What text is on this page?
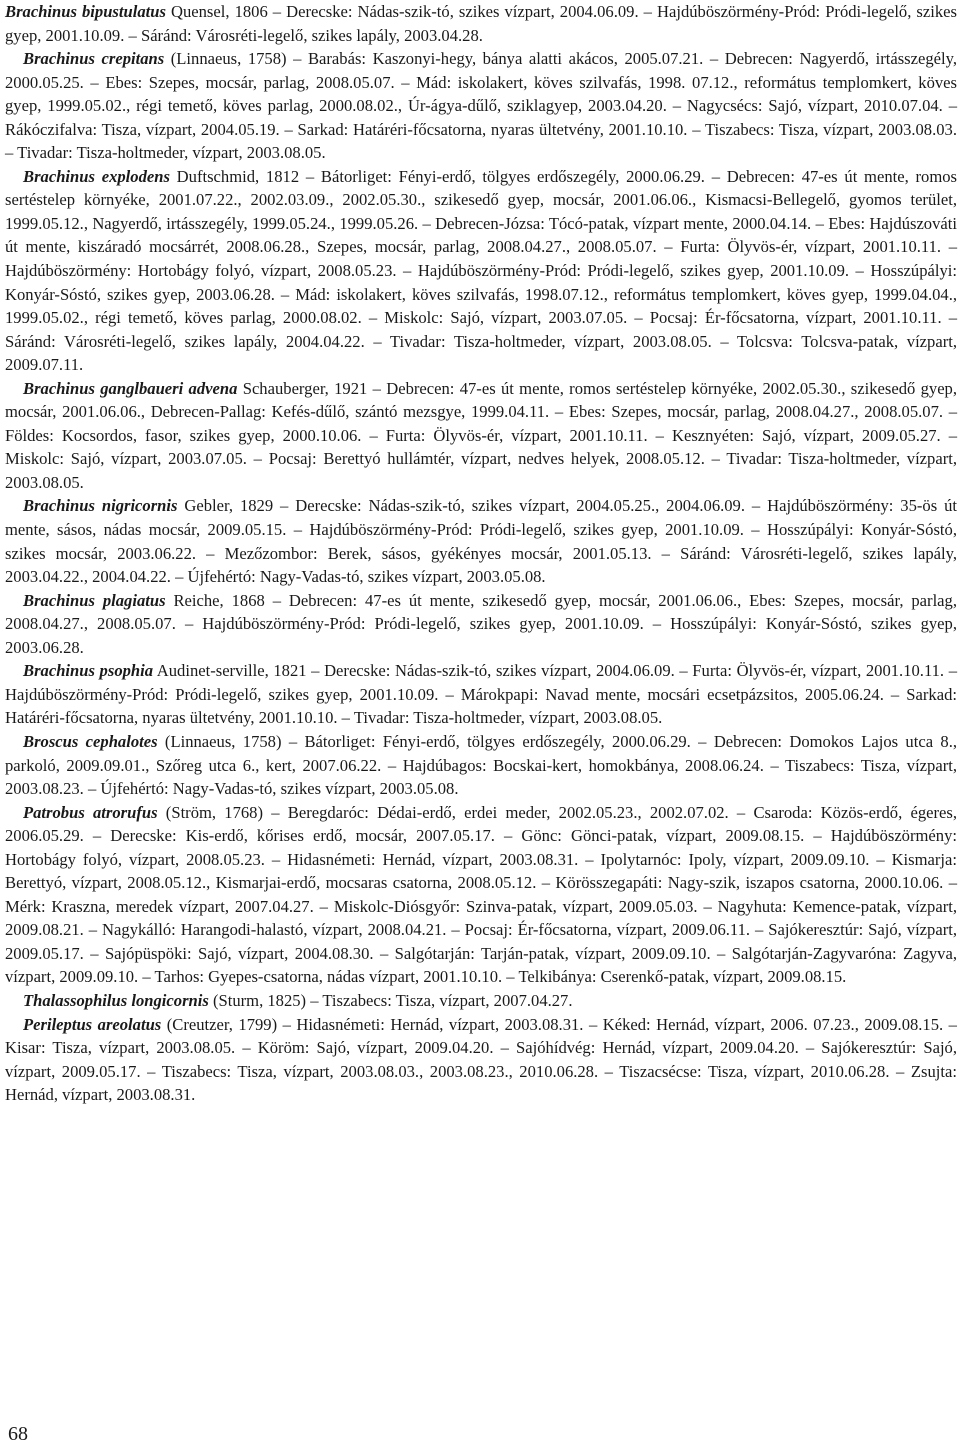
Brachinus bipustulatus Quensel, 1806 – Derecske: Nádas-szik-tó, szikes vízpart, 2004.06.09. – Hajdúböszörmény-Pród: Pródi-legelő, szikes gyep, 2001.10.09. – Sáránd: Városréti-legelő, szikes lapály, 2003.04.28.

Brachinus crepitans (Linnaeus, 1758) – Barabás: Kaszonyi-hegy, bánya alatti akácos, 2005.07.21. – Debrecen: Nagyerdő, irtásszegély, 2000.05.25. – Ebes: Szepes, mocsár, parlag, 2008.05.07. – Mád: iskolakert, köves szilvafás, 1998. 07.12., református templomkert, köves gyep, 1999.05.02., régi temető, köves parlag, 2000.08.02., Úr-ágya-dűlő, sziklagyep, 2003.04.20. – Nagycsécs: Sajó, vízpart, 2010.07.04. – Rákóczifalva: Tisza, vízpart, 2004.05.19. – Sarkad: Határéri-főcsatorna, nyaras ültetvény, 2001.10.10. – Tiszabecs: Tisza, vízpart, 2003.08.03. – Tivadar: Tisza-holtmeder, vízpart, 2003.08.05.

Brachinus explodens Duftschmid, 1812 – Bátorliget: Fényi-erdő, tölgyes erdőszegély, 2000.06.29. – Debrecen: 47-es út mente, romos sertéstelep környéke, 2001.07.22., 2002.03.09., 2002.05.30., szikesedő gyep, mocsár, 2001.06.06., Kismacsi-Bellegelő, gyomos terület, 1999.05.12., Nagyerdő, irtásszegély, 1999.05.24., 1999.05.26. – Debrecen-Józsa: Tócó-patak, vízpart mente, 2000.04.14. – Ebes: Hajdúszováti út mente, kiszáradó mocsárrét, 2008.06.28., Szepes, mocsár, parlag, 2008.04.27., 2008.05.07. – Furta: Ölyvös-ér, vízpart, 2001.10.11. – Hajdúböszörmény: Hortobágy folyó, vízpart, 2008.05.23. – Hajdúböszörmény-Pród: Pródi-legelő, szikes gyep, 2001.10.09. – Hosszúpályi: Konyár-Sóstó, szikes gyep, 2003.06.28. – Mád: iskolakert, köves szilvafás, 1998.07.12., református templomkert, köves gyep, 1999.04.04., 1999.05.02., régi temető, köves parlag, 2000.08.02. – Miskolc: Sajó, vízpart, 2003.07.05. – Pocsaj: Ér-főcsatorna, vízpart, 2001.10.11. – Sáránd: Városréti-legelő, szikes lapály, 2004.04.22. – Tivadar: Tisza-holtmeder, vízpart, 2003.08.05. – Tolcsva: Tolcsva-patak, vízpart, 2009.07.11.

Brachinus ganglbaueri advena Schauberger, 1921 – Debrecen: 47-es út mente, romos sertéstelep környéke, 2002.05.30., szikesedő gyep, mocsár, 2001.06.06., Debrecen-Pallag: Kefés-dűlő, szántó mezsgye, 1999.04.11. – Ebes: Szepes, mocsár, parlag, 2008.04.27., 2008.05.07. – Földes: Kocsordos, fasor, szikes gyep, 2000.10.06. – Furta: Ölyvös-ér, vízpart, 2001.10.11. – Kesznyéten: Sajó, vízpart, 2009.05.27. – Miskolc: Sajó, vízpart, 2003.07.05. – Pocsaj: Berettyó hullámtér, vízpart, nedves helyek, 2008.05.12. – Tivadar: Tisza-holtmeder, vízpart, 2003.08.05.

Brachinus nigricornis Gebler, 1829 – Derecske: Nádas-szik-tó, szikes vízpart, 2004.05.25., 2004.06.09. – Hajdúböszörmény: 35-ös út mente, sásos, nádas mocsár, 2009.05.15. – Hajdúböszörmény-Pród: Pródi-legelő, szikes gyep, 2001.10.09. – Hosszúpályi: Konyár-Sóstó, szikes mocsár, 2003.06.22. – Mezőzombor: Berek, sásos, gyékényes mocsár, 2001.05.13. – Sáránd: Városréti-legelő, szikes lapály, 2003.04.22., 2004.04.22. – Újfehértó: Nagy-Vadas-tó, szikes vízpart, 2003.05.08.

Brachinus plagiatus Reiche, 1868 – Debrecen: 47-es út mente, szikesedő gyep, mocsár, 2001.06.06., Ebes: Szepes, mocsár, parlag, 2008.04.27., 2008.05.07. – Hajdúböszörmény-Pród: Pródi-legelő, szikes gyep, 2001.10.09. – Hosszúpályi: Konyár-Sóstó, szikes gyep, 2003.06.28.

Brachinus psophia Audinet-serville, 1821 – Derecske: Nádas-szik-tó, szikes vízpart, 2004.06.09. – Furta: Ölyvös-ér, vízpart, 2001.10.11. – Hajdúböszörmény-Pród: Pródi-legelő, szikes gyep, 2001.10.09. – Márokpapi: Navad mente, mocsári ecsetpázsitos, 2005.06.24. – Sarkad: Határéri-főcsatorna, nyaras ültetvény, 2001.10.10. – Tivadar: Tisza-holtmeder, vízpart, 2003.08.05.

Broscus cephalotes (Linnaeus, 1758) – Bátorliget: Fényi-erdő, tölgyes erdőszegély, 2000.06.29. – Debrecen: Domokos Lajos utca 8., parkoló, 2009.09.01., Szőreg utca 6., kert, 2007.06.22. – Hajdúbagos: Bocskai-kert, homokbánya, 2008.06.24. – Tiszabecs: Tisza, vízpart, 2003.08.23. – Újfehértó: Nagy-Vadas-tó, szikes vízpart, 2003.05.08.

Patrobus atrorufus (Ström, 1768) – Beregdaróc: Dédai-erdő, erdei meder, 2002.05.23., 2002.07.02. – Csaroda: Közös-erdő, égeres, 2006.05.29. – Derecske: Kis-erdő, kőrises erdő, mocsár, 2007.05.17. – Gönc: Gönci-patak, vízpart, 2009.08.15. – Hajdúböszörmény: Hortobágy folyó, vízpart, 2008.05.23. – Hidasnémeti: Hernád, vízpart, 2003.08.31. – Ipolytarnóc: Ipoly, vízpart, 2009.09.10. – Kismarja: Berettyó, vízpart, 2008.05.12., Kismarjai-erdő, mocsaras csatorna, 2008.05.12. – Körösszegapáti: Nagy-szik, iszapos csatorna, 2000.10.06. – Mérk: Kraszna, meredek vízpart, 2007.04.27. – Miskolc-Diósgyőr: Szinva-patak, vízpart, 2009.05.03. – Nagyhuta: Kemence-patak, vízpart, 2009.08.21. – Nagykálló: Harangodi-halastó, vízpart, 2008.04.21. – Pocsaj: Ér-főcsatorna, vízpart, 2009.06.11. – Sajókeresztúr: Sajó, vízpart, 2009.05.17. – Sajópüspöki: Sajó, vízpart, 2004.08.30. – Salgótarján: Tarján-patak, vízpart, 2009.09.10. – Salgótarján-Zagyvaróna: Zagyva, vízpart, 2009.09.10. – Tarhos: Gyepes-csatorna, nádas vízpart, 2001.10.10. – Telkibánya: Cserenkő-patak, vízpart, 2009.08.15.

Thalassophilus longicornis (Sturm, 1825) – Tiszabecs: Tisza, vízpart, 2007.04.27.

Perileptus areolatus (Creutzer, 1799) – Hidasnémeti: Hernád, vízpart, 2003.08.31. – Kéked: Hernád, vízpart, 2006. 07.23., 2009.08.15. – Kisar: Tisza, vízpart, 2003.08.05. – Köröm: Sajó, vízpart, 2009.04.20. – Sajóhídvég: Hernád, vízpart, 2009.04.20. – Sajókeresztúr: Sajó, vízpart, 2009.05.17. – Tiszabecs: Tisza, vízpart, 2003.08.03., 2003.08.23., 2010.06.28. – Tiszacsécse: Tisza, vízpart, 2010.06.28. – Zsujta: Hernád, vízpart, 2003.08.31.

68
